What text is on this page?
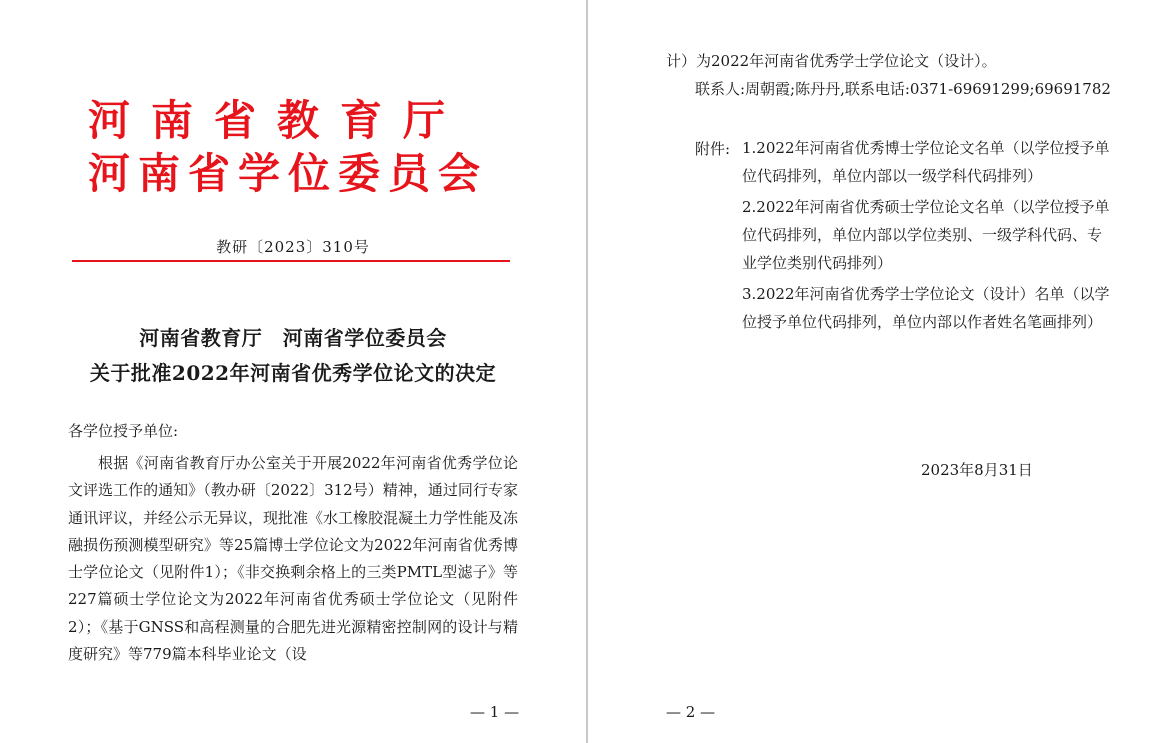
河南省教育厅
河南省学位委员会
教研〔2023〕310号
河南省教育厅　河南省学位委员会
关于批准2022年河南省优秀学位论文的决定
各学位授予单位:
根据《河南省教育厅办公室关于开展2022年河南省优秀学位论文评选工作的通知》（教办研〔2022〕312号）精神，通过同行专家通讯评议，并经公示无异议，现批准《水工橡胶混凝土力学性能及冻融损伤预测模型研究》等25篇博士学位论文为2022年河南省优秀博士学位论文（见附件1）；《非交换剩余格上的三类PMTL型滤子》等227篇硕士学位论文为2022年河南省优秀硕士学位论文（见附件2）；《基于GNSS和高程测量的合肥先进光源精密控制网的设计与精度研究》等779篇本科毕业论文（设
— 1 —
计）为2022年河南省优秀学士学位论文（设计）。
联系人:周朝霞;陈丹丹,联系电话:0371-69691299;69691782
附件: 1.2022年河南省优秀博士学位论文名单（以学位授予单位代码排列，单位内部以一级学科代码排列）
2.2022年河南省优秀硕士学位论文名单（以学位授予单位代码排列，单位内部以学位类别、一级学科代码、专业学位类别代码排列）
3.2022年河南省优秀学士学位论文（设计）名单（以学位授予单位代码排列，单位内部以作者姓名笔画排列）
2023年8月31日
— 2 —
